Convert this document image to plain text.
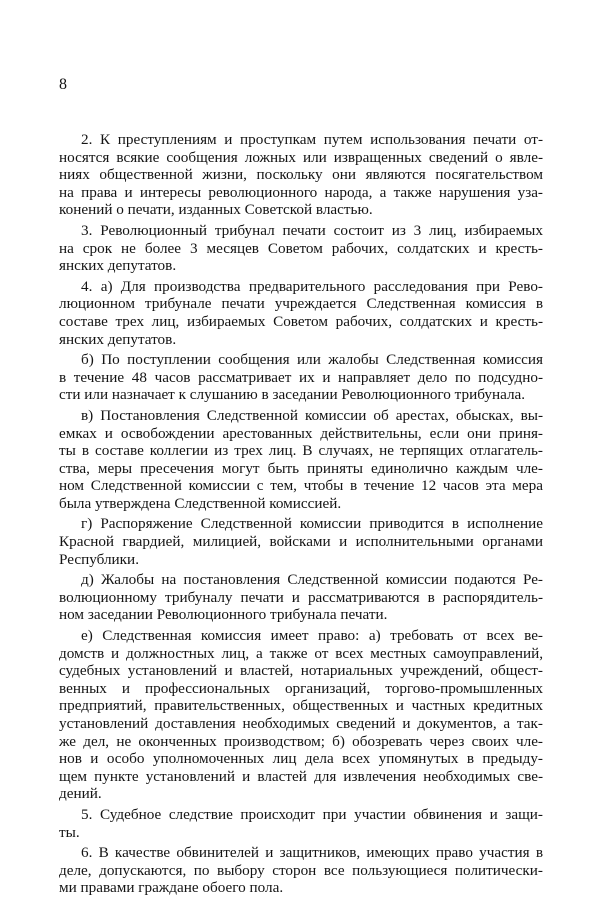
8
2. К преступлениям и проступкам путем использования печати от-
носятся всякие сообщения ложных или извращенных сведений о явле-
ниях общественной жизни, поскольку они являются посягательством
на права и интересы революционного народа, а также нарушения уза-
конений о печати, изданных Советской властью.
3. Революционный трибунал печати состоит из 3 лиц, избираемых
на срок не более 3 месяцев Советом рабочих, солдатских и кресть-
янских депутатов.
4. а) Для производства предварительного расследования при Рево-
люционном трибунале печати учреждается Следственная комиссия в
составе трех лиц, избираемых Советом рабочих, солдатских и кресть-
янских депутатов.
б) По поступлении сообщения или жалобы Следственная комиссия
в течение 48 часов рассматривает их и направляет дело по подсудно-
сти или назначает к слушанию в заседании Революционного трибунала.
в) Постановления Следственной комиссии об арестах, обысках, вы-
емках и освобождении арестованных действительны, если они приня-
ты в составе коллегии из трех лиц. В случаях, не терпящих отлагатель-
ства, меры пресечения могут быть приняты единолично каждым чле-
ном Следственной комиссии с тем, чтобы в течение 12 часов эта мера
была утверждена Следственной комиссией.
г) Распоряжение Следственной комиссии приводится в исполнение
Красной гвардией, милицией, войсками и исполнительными органами
Республики.
д) Жалобы на постановления Следственной комиссии подаются Ре-
волюционному трибуналу печати и рассматриваются в распорядитель-
ном заседании Революционного трибунала печати.
е) Следственная комиссия имеет право: а) требовать от всех ве-
домств и должностных лиц, а также от всех местных самоуправлений,
судебных установлений и властей, нотариальных учреждений, общест-
венных и профессиональных организаций, торгово-промышленных
предприятий, правительственных, общественных и частных кредитных
установлений доставления необходимых сведений и документов, а так-
же дел, не оконченных производством; б) обозревать через своих чле-
нов и особо уполномоченных лиц дела всех упомянутых в предыду-
щем пункте установлений и властей для извлечения необходимых све-
дений.
5. Судебное следствие происходит при участии обвинения и защи-
ты.
6. В качестве обвинителей и защитников, имеющих право участия в
деле, допускаются, по выбору сторон все пользующиеся политически-
ми правами граждане обоего пола.
